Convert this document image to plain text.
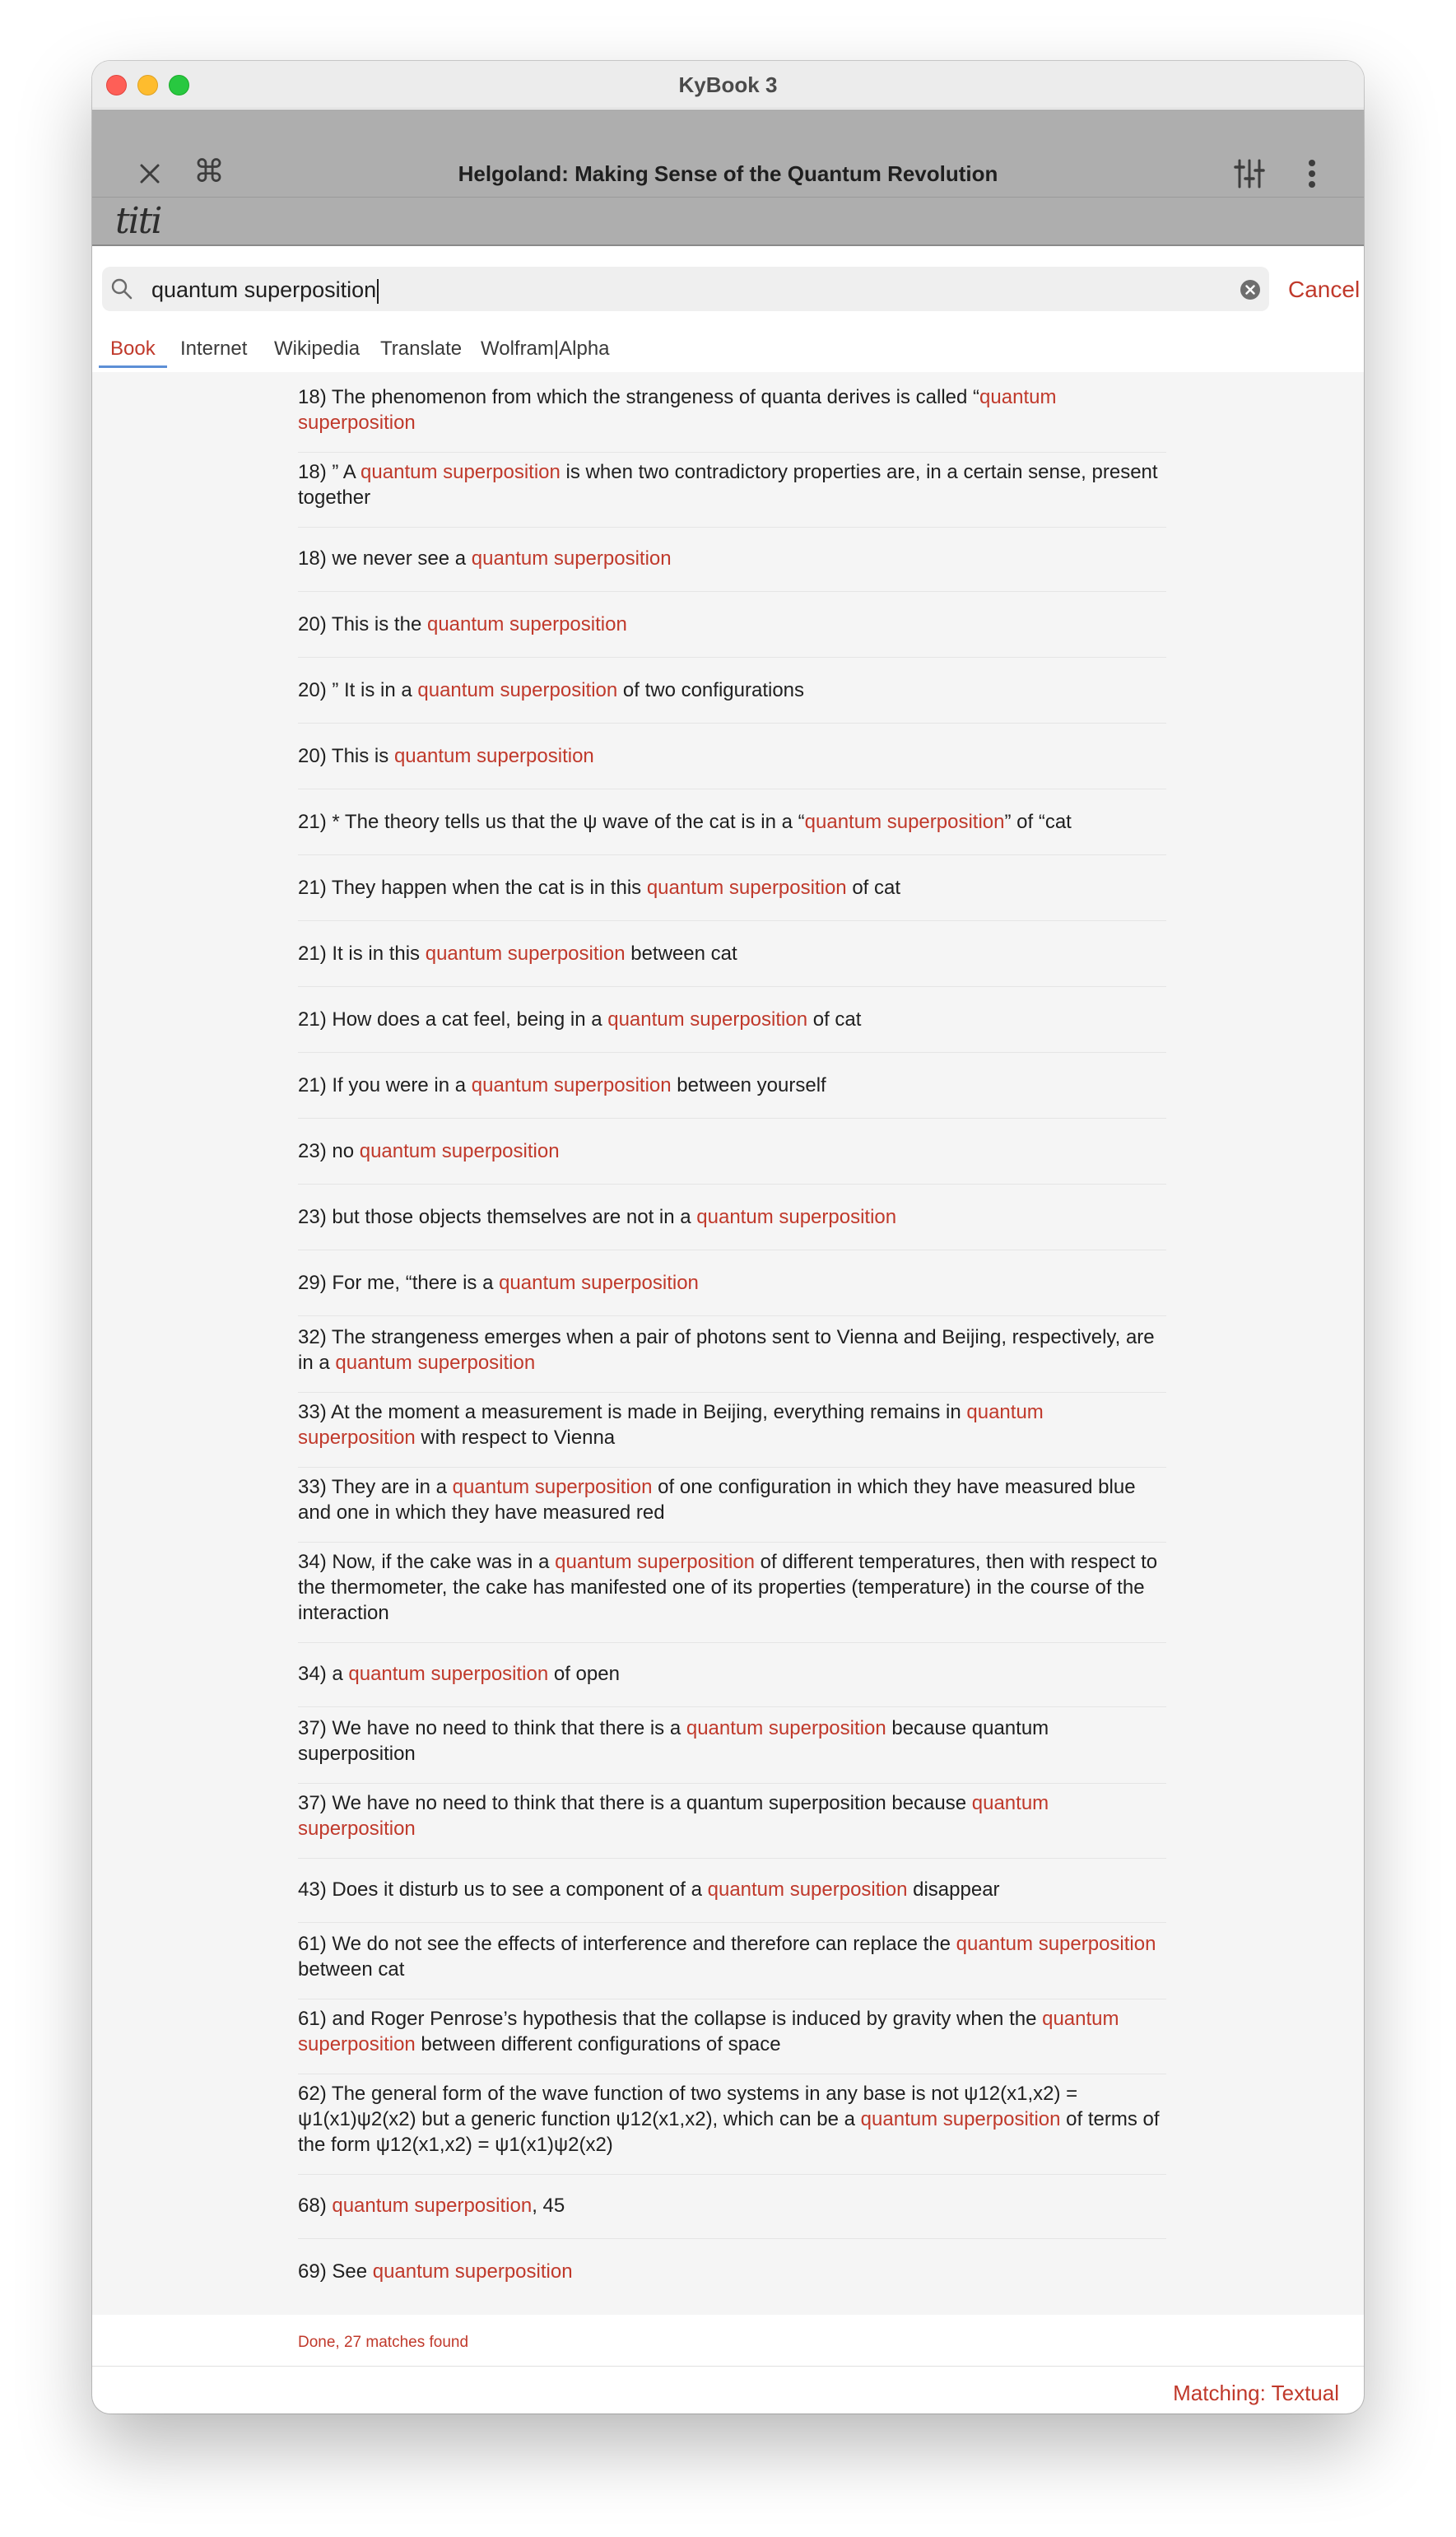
KyBook 3
⌘	Helgoland: Making Sense of the Quantum Revolution
titi
quantum superposition	Cancel
Book	Internet	Wikipedia	Translate Wolfram|Alpha
18) The phenomenon from which the strangeness of quanta derives is called “quantum superposition
18) ” A quantum superposition is when two contradictory properties are, in a certain sense, present together
18) we never see a quantum superposition
20) This is the quantum superposition
20) ” It is in a quantum superposition of two configurations
20) This is quantum superposition
21) * The theory tells us that the ψ wave of the cat is in a “quantum superposition” of “cat
21) They happen when the cat is in this quantum superposition of cat
21) It is in this quantum superposition between cat
21) How does a cat feel, being in a quantum superposition of cat
21) If you were in a quantum superposition between yourself
23) no quantum superposition
23) but those objects themselves are not in a quantum superposition
29) For me, “there is a quantum superposition
32) The strangeness emerges when a pair of photons sent to Vienna and Beijing, respectively, are in a quantum superposition
33) At the moment a measurement is made in Beijing, everything remains in quantum superposition with respect to Vienna
33) They are in a quantum superposition of one configuration in which they have measured blue and one in which they have measured red
34) Now, if the cake was in a quantum superposition of different temperatures, then with respect to the thermometer, the cake has manifested one of its properties (temperature) in the course of the interaction
34) a quantum superposition of open
37) We have no need to think that there is a quantum superposition because quantum superposition
37) We have no need to think that there is a quantum superposition because quantum superposition
43) Does it disturb us to see a component of a quantum superposition disappear
61) We do not see the effects of interference and therefore can replace the quantum superposition between cat
61) and Roger Penrose’s hypothesis that the collapse is induced by gravity when the quantum superposition between different configurations of space
62) The general form of the wave function of two systems in any base is not ψ12(x1,x2) = ψ1(x1)ψ2(x2) but a generic function ψ12(x1,x2), which can be a quantum superposition of terms of the form ψ12(x1,x2) = ψ1(x1)ψ2(x2)
68) quantum superposition, 45
69) See quantum superposition
Done, 27 matches found
Matching: Textual
